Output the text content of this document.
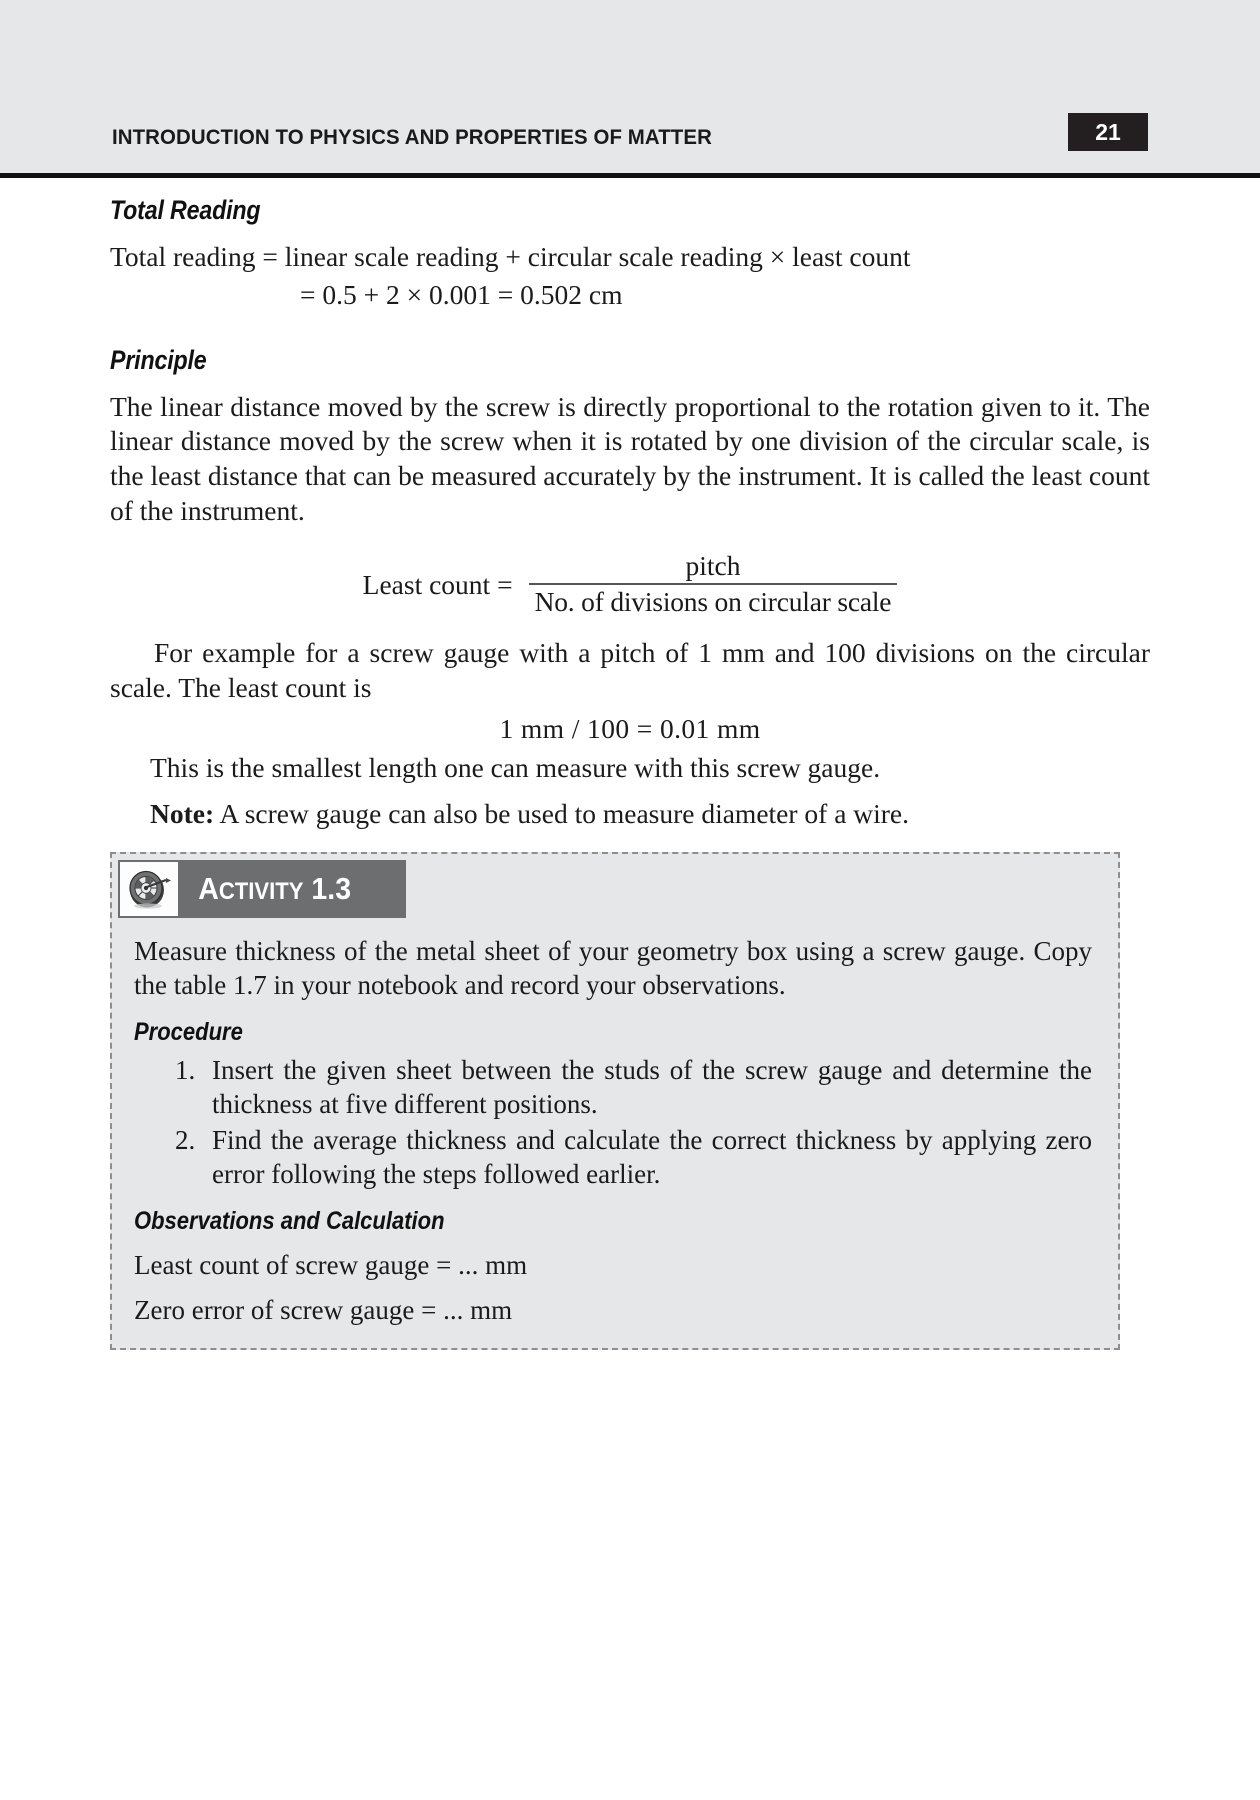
INTRODUCTION TO PHYSICS AND PROPERTIES OF MATTER	21
Total Reading

Total reading = linear scale reading + circular scale reading × least count

= 0.5 + 2 × 0.001 = 0.502 cm

Principle

The linear distance moved by the screw is directly proportional to the rotation given to it. The linear distance moved by the screw when it is rotated by one division of the circular scale, is the least distance that can be measured accurately by the instrument. It is called the least count of the instrument.

Least count = $\frac{\text{pitch}}{\text{No. of divisions on circular scale}}$

For example for a screw gauge with a pitch of 1 mm and 100 divisions on the circular scale. The least count is

1 mm / 100 = 0.01 mm

This is the smallest length one can measure with this screw gauge.

Note: A screw gauge can also be used to measure diameter of a wire.

ACTIVITY 1.3

Measure thickness of the metal sheet of your geometry box using a screw gauge. Copy the table 1.7 in your notebook and record your observations.

Procedure
1. Insert the given sheet between the studs of the screw gauge and determine the thickness at five different positions.
2. Find the average thickness and calculate the correct thickness by applying zero error following the steps followed earlier.
Observations and Calculation

Least count of screw gauge = ... mm

Zero error of screw gauge = ... mm
